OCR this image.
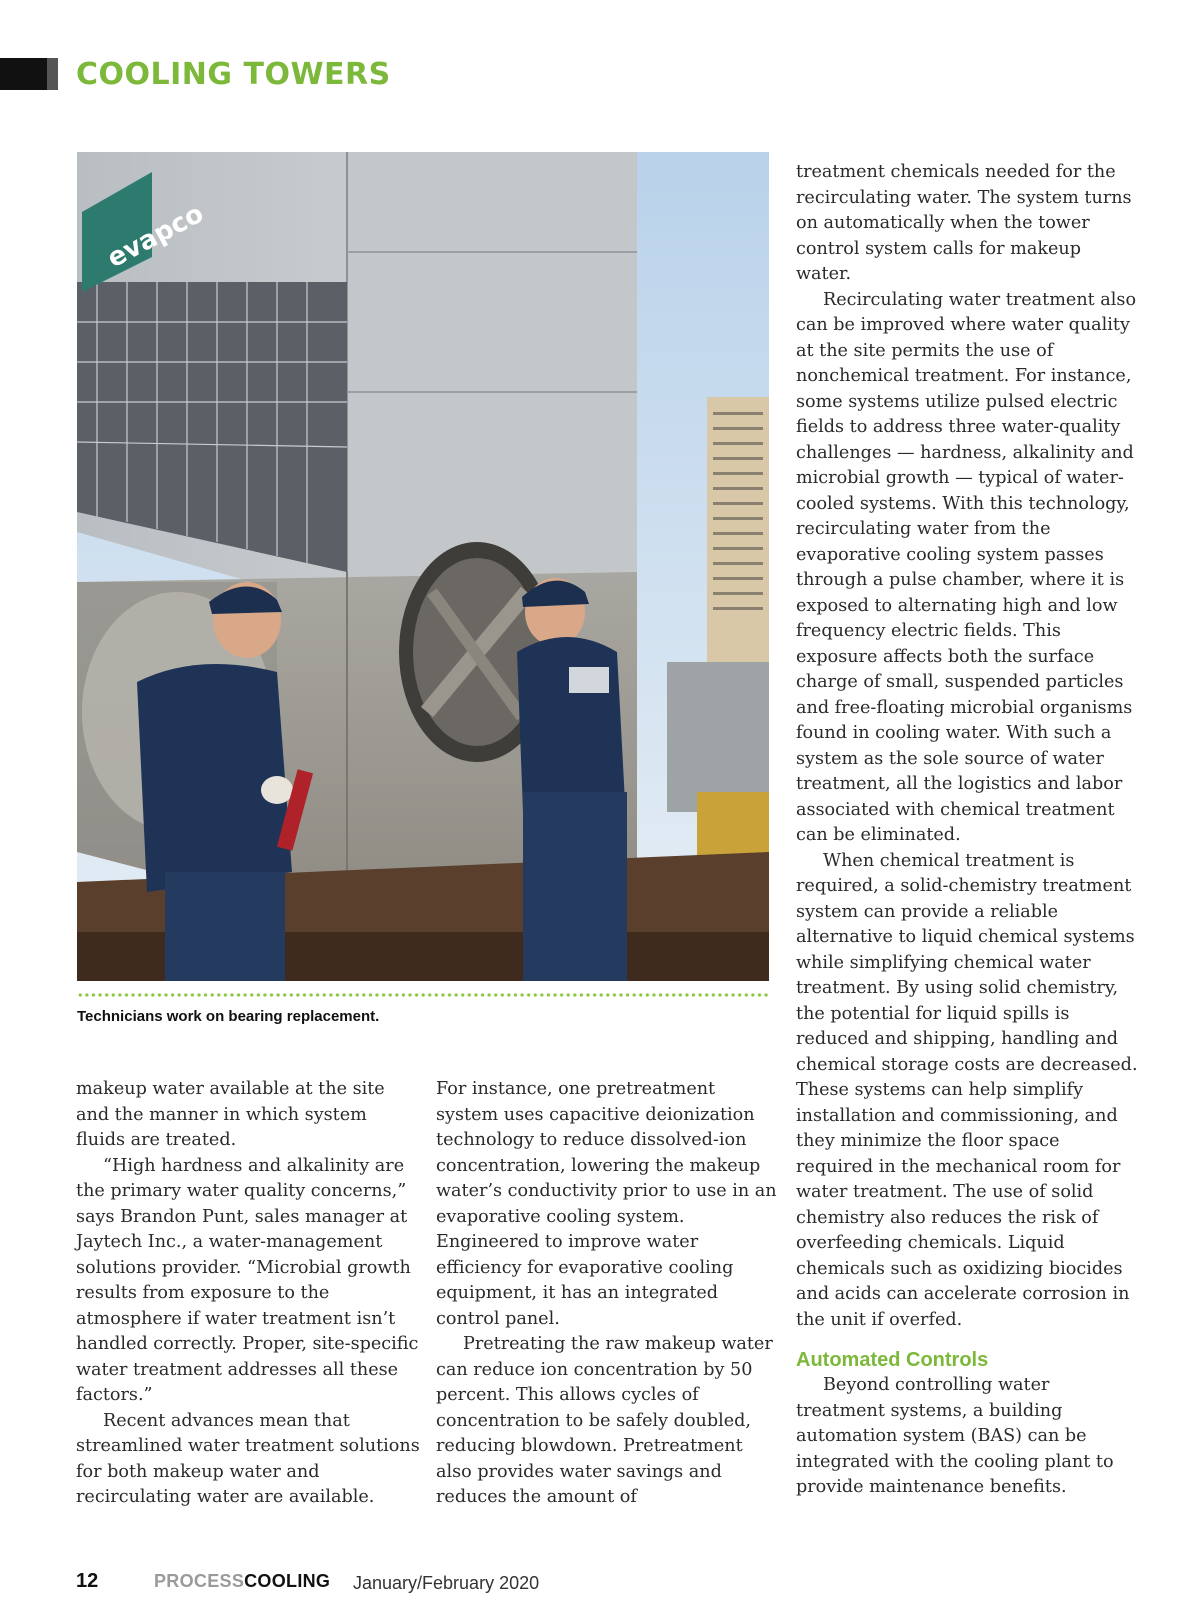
COOLING TOWERS
evapco
Technicians work on bearing replacement.

makeup water available at the site and the manner in which system fluids are treated.

“High hardness and alkalinity are the primary water quality concerns,” says Brandon Punt, sales manager at Jaytech Inc., a water-management solutions provider. “Microbial growth results from exposure to the atmosphere if water treatment isn’t handled correctly. Proper, site-specific water treatment addresses all these factors.”

Recent advances mean that streamlined water treatment solutions for both makeup water and recirculating water are available.

For instance, one pretreatment system uses capacitive deionization technology to reduce dissolved-ion concentration, lowering the makeup water’s conductivity prior to use in an evaporative cooling system. Engineered to improve water efficiency for evaporative cooling equipment, it has an integrated control panel.

Pretreating the raw makeup water can reduce ion concentration by 50 percent. This allows cycles of concentration to be safely doubled, reducing blowdown. Pretreatment also provides water savings and reduces the amount of

treatment chemicals needed for the recirculating water. The system turns on automatically when the tower control system calls for makeup water.

Recirculating water treatment also can be improved where water quality at the site permits the use of nonchemical treatment. For instance, some systems utilize pulsed electric fields to address three water-quality challenges — hardness, alkalinity and microbial growth — typical of water-cooled systems. With this technology, recirculating water from the evaporative cooling system passes through a pulse chamber, where it is exposed to alternating high and low frequency electric fields. This exposure affects both the surface charge of small, suspended particles and free-floating microbial organisms found in cooling water. With such a system as the sole source of water treatment, all the logistics and labor associated with chemical treatment can be eliminated.

When chemical treatment is required, a solid-chemistry treatment system can provide a reliable alternative to liquid chemical systems while simplifying chemical water treatment. By using solid chemistry, the potential for liquid spills is reduced and shipping, handling and chemical storage costs are decreased. These systems can help simplify installation and commissioning, and they minimize the floor space required in the mechanical room for water treatment. The use of solid chemistry also reduces the risk of overfeeding chemicals. Liquid chemicals such as oxidizing biocides and acids can accelerate corrosion in the unit if overfed.

Automated Controls

Beyond controlling water treatment systems, a building automation system (BAS) can be integrated with the cooling plant to provide maintenance benefits.

12	PROCESSCOOLING January/February 2020
